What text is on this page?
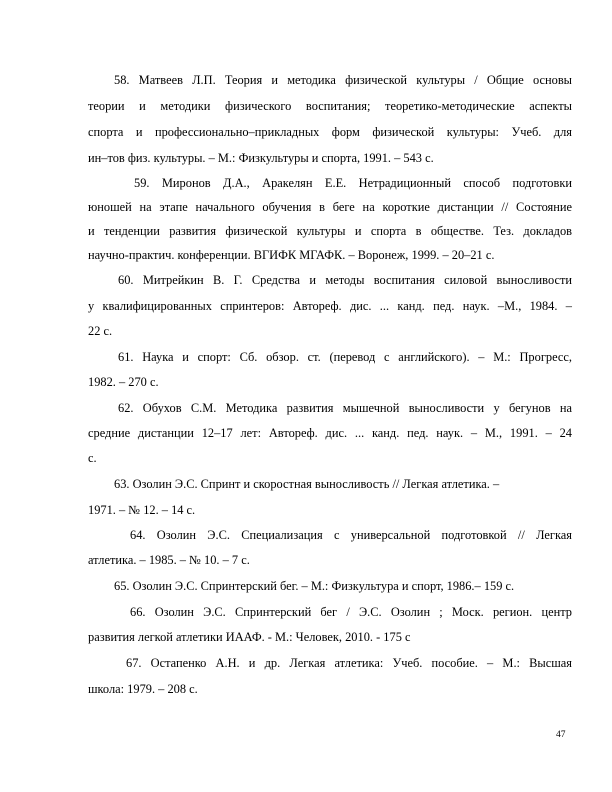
58. Матвеев Л.П. Теория и методика физической культуры / Общие основы
теории и методики физического воспитания; теоретико-методические аспекты
спорта и профессионально–прикладных форм физической культуры: Учеб. для
ин–тов физ. культуры. – М.: Физкультуры и спорта, 1991. – 543 с.
59. Миронов Д.А., Аракелян Е.Е. Нетрадиционный способ подготовки
юношей на этапе начального обучения в беге на короткие дистанции // Состояние
и тенденции развития физической культуры и спорта в обществе. Тез. докладов
научно-практич. конференции. ВГИФК МГАФК. – Воронеж, 1999. – 20–21 с.
60. Митрейкин В. Г. Средства и методы воспитания силовой выносливости
у квалифицированных спринтеров: Автореф. дис. ... канд. пед. наук. –М., 1984. –
22 с.
61. Наука и спорт: Сб. обзор. ст. (перевод с английского). – М.: Прогресс,
1982. – 270 с.
62. Обухов С.М. Методика развития мышечной выносливости у бегунов на
средние дистанции 12–17 лет: Автореф. дис. ... канд. пед. наук. – М., 1991. – 24
с.
63. Озолин Э.С. Спринт и скоростная выносливость // Легкая атлетика. –
1971. – № 12. – 14 с.
64. Озолин Э.С. Специализация с универсальной подготовкой // Легкая
атлетика. – 1985. – № 10. – 7 с.
65. Озолин Э.С. Спринтерский бег. – М.: Физкультура и спорт, 1986.– 159 с.
66. Озолин Э.С. Спринтерский бег / Э.С. Озолин ; Моск. регион. центр
развития легкой атлетики ИААФ. - М.: Человек, 2010. - 175 с
67. Остапенко А.Н. и др. Легкая атлетика: Учеб. пособие. – М.: Высшая
школа: 1979. – 208 с.
47
